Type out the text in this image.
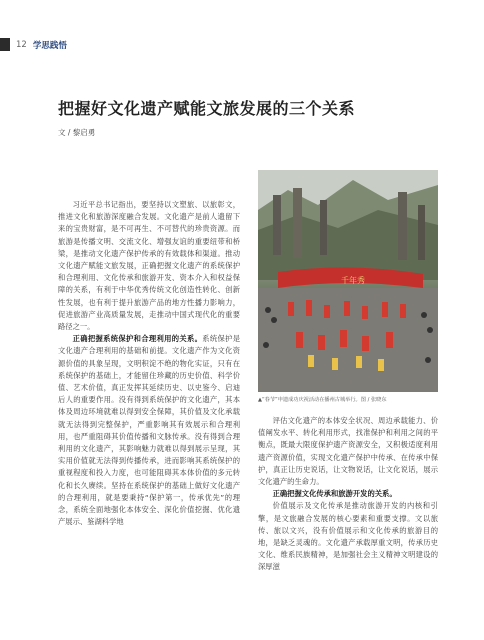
12 学思践悟
把握好文化遗产赋能文旅发展的三个关系
文 / 黎启勇

习近平总书记指出，要坚持以文塑旅、以旅彰文，推进文化和旅游深度融合发展。文化遗产是前人遗留下来的宝贵财富，是不可再生、不可替代的珍贵资源。而旅游是传播文明、交流文化、增强友谊的重要纽带和桥梁，是推动文化遗产保护传承的有效载体和渠道。推动文化遗产赋能文旅发展，正确把握文化遗产的系统保护和合理利用、文化传承和旅游开发、资本介入和权益保障的关系，有利于中华优秀传统文化创造性转化、创新性发展，也有利于提升旅游产品的地方性播力影响力，促进旅游产业高质量发展，走推动中国式现代化的重要路径之一。

正确把握系统保护和合理利用的关系。系统保护是文化遗产合理利用的基础和前提。文化遗产作为文化资源价值的具象呈现，文明积淀不绝的物化实证，只有在系统保护的基础上，才能留住珍藏的历史价值、科学价值、艺术价值，真正发挥其延续历史、以史鉴今、启迪后人的重要作用。没有得到系统保护的文化遗产，其本体及周边环境就难以得到安全保障，其价值及文化承载就无法得到完整保护，严重影响其有效展示和合理利用，也严重阻碍其价值传播和文脉传承。没有得到合理利用的文化遗产，其影响魅力就难以得到展示呈现，其实用价值就无法得到传播传承，进而影响其系统保护的重视程度和投入力度，也可能阻碍其本体价值的多元转化和长久赓续。坚持在系统保护的基础上做好文化遗产的合理利用，就是要秉持“保护第一，传承优先”的理念，系统全面地强化本体安全、深化价值挖掘、优化遗产展示、鉴湖科学地

千年秀
▲“春节”申遗成功庆祝活动在播州古城举行。图 / 张晓东

评估文化遗产的本体安全状况、周边承载能力、价值阐发水平、转化利用形式，找准保护和利用之间的平衡点，既最大限度保护遗产资源安全，又积极适度利用遗产资源价值，实现文化遗产保护中传承、在传承中保护，真正让历史说话，让文物说话，让文化说话，展示文化遗产的生命力。

正确把握文化传承和旅游开发的关系。

价值展示及文化传承是推动旅游开发的内核和引擎，是文旅融合发展的核心要素和重要支撑。文以旅传、旅以文兴，没有价值展示和文化传承的旅游目的地，是缺乏灵魂的。文化遗产承载厚重文明，传承历史文化、维系民族精神，是加强社会主义精神文明建设的深厚滋
